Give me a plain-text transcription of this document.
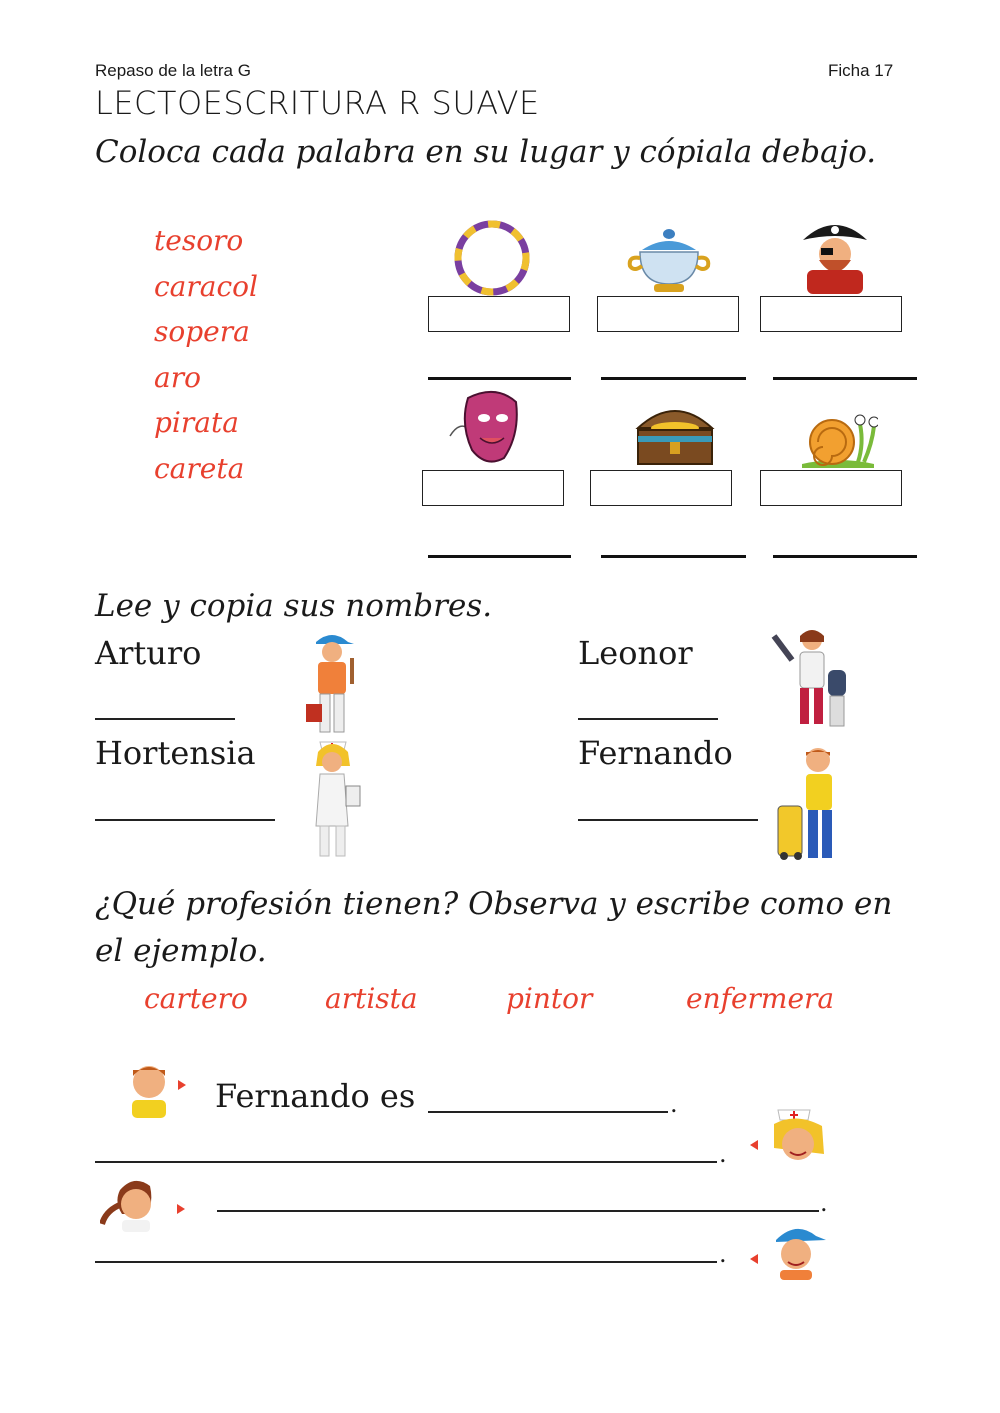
Repaso de la letra G	Ficha 17
LECTOESCRITURA R SUAVE
Coloca cada palabra en su lugar y cópiala debajo.
tesoro
caracol
sopera
aro
pirata
careta
Lee y copia sus nombres.
Arturo	Leonor
Hortensia	Fernando
¿Qué profesión tienen? Observa y escribe como en
el ejemplo.
cartero	artista	pintor	enfermera
Fernando es	.
.
.
.
